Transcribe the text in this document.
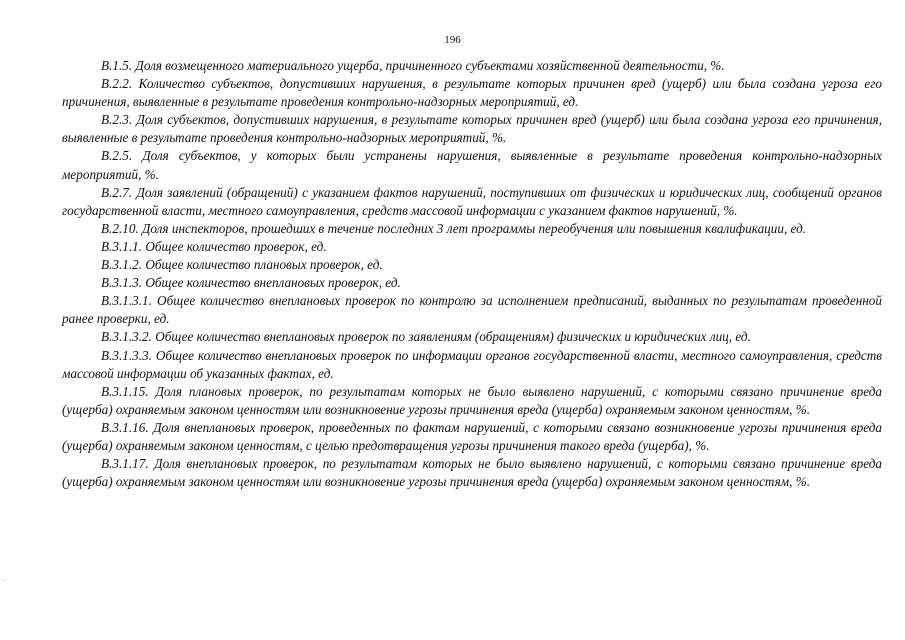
196

В.1.5. Доля возмещенного материального ущерба, причиненного субъектами хозяйственной деятельности, %.

В.2.2. Количество субъектов, допустивших нарушения, в результате которых причинен вред (ущерб) или была создана угроза его причинения, выявленные в результате проведения контрольно-надзорных мероприятий, ед.

В.2.3. Доля субъектов, допустивших нарушения, в результате которых причинен вред (ущерб) или была создана угроза его причинения, выявленные в результате проведения контрольно-надзорных мероприятий, %.

В.2.5. Доля субъектов, у которых были устранены нарушения, выявленные в результате проведения контрольно-надзорных мероприятий, %.

В.2.7. Доля заявлений (обращений) с указанием фактов нарушений, поступивших от физических и юридических лиц, сообщений органов государственной власти, местного самоуправления, средств массовой информации с указанием фактов нарушений, %.

В.2.10. Доля инспекторов, прошедших в течение последних 3 лет программы переобучения или повышения квалификации, ед.

В.3.1.1. Общее количество проверок, ед.

В.3.1.2. Общее количество плановых проверок, ед.

В.3.1.3. Общее количество внеплановых проверок, ед.

В.3.1.3.1. Общее количество внеплановых проверок по контролю за исполнением предписаний, выданных по результатам проведенной ранее проверки, ед.

В.3.1.3.2. Общее количество внеплановых проверок по заявлениям (обращениям) физических и юридических лиц, ед.

В.3.1.3.3. Общее количество внеплановых проверок по информации органов государственной власти, местного самоуправления, средств массовой информации об указанных фактах, ед.

В.3.1.15. Доля плановых проверок, по результатам которых не было выявлено нарушений, с которыми связано причинение вреда (ущерба) охраняемым законом ценностям или возникновение угрозы причинения вреда (ущерба) охраняемым законом ценностям, %.

В.3.1.16. Доля внеплановых проверок, проведенных по фактам нарушений, с которыми связано возникновение угрозы причинения вреда (ущерба) охраняемым законом ценностям, с целью предотвращения угрозы причинения такого вреда (ущерба), %.

В.3.1.17. Доля внеплановых проверок, по результатам которых не было выявлено нарушений, с которыми связано причинение вреда (ущерба) охраняемым законом ценностям или возникновение угрозы причинения вреда (ущерба) охраняемым законом ценностям, %.
